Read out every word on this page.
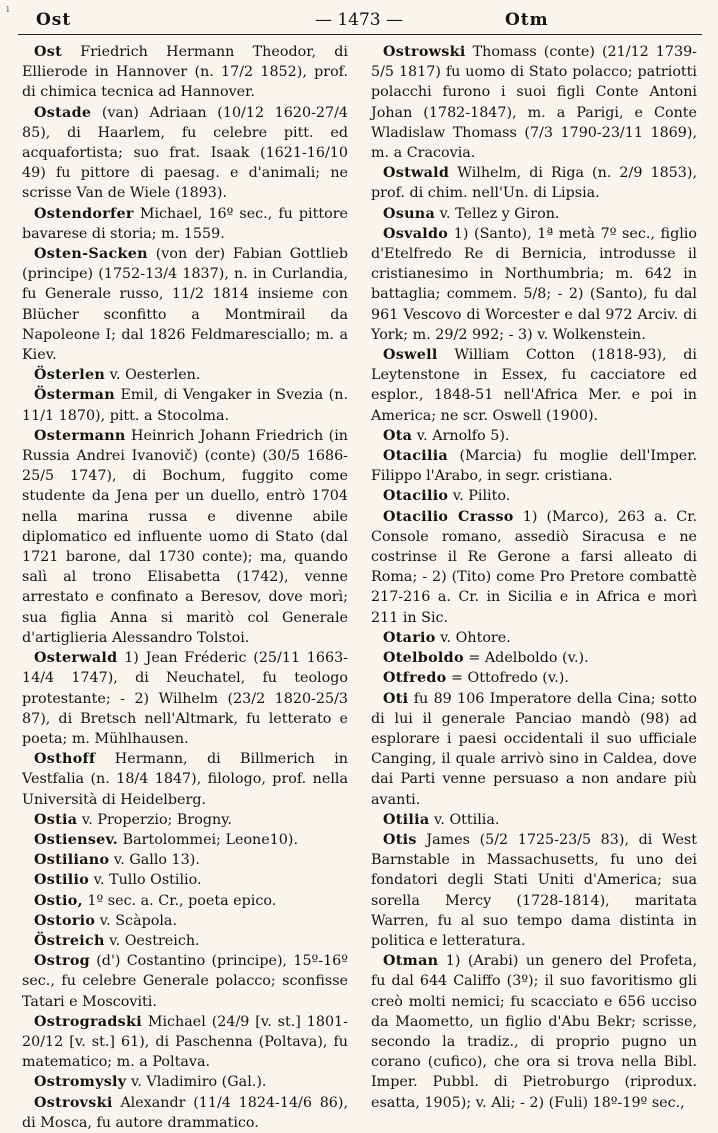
ı
Ost	— 1473 —	Otm

Ost Friedrich Hermann Theodor, di Ellierode in Hannover (n. 17/2 1852), prof. di chimica tecnica ad Hannover.

Ostade (van) Adriaan (10/12 1620-27/4 85), di Haarlem, fu celebre pitt. ed acquafortista; suo frat. Isaak (1621-16/10 49) fu pittore di paesag. e d'animali; ne scrisse Van de Wiele (1893).

Ostendorfer Michael, 16º sec., fu pittore bavarese di storia; m. 1559.

Osten-Sacken (von der) Fabian Gottlieb (principe) (1752-13/4 1837), n. in Curlandia, fu Generale russo, 11/2 1814 insieme con Blücher sconfitto a Montmirail da Napoleone I; dal 1826 Feldmaresciallo; m. a Kiev.

Österlen v. Oesterlen.

Österman Emil, di Vengaker in Svezia (n. 11/1 1870), pitt. a Stocolma.

Ostermann Heinrich Johann Friedrich (in Russia Andrei Ivanovič) (conte) (30/5 1686-25/5 1747), di Bochum, fuggito come studente da Jena per un duello, entrò 1704 nella marina russa e divenne abile diplomatico ed influente uomo di Stato (dal 1721 barone, dal 1730 conte); ma, quando salì al trono Elisabetta (1742), venne arrestato e confinato a Beresov, dove morì; sua figlia Anna si maritò col Generale d'artiglieria Alessandro Tolstoi.

Osterwald 1) Jean Fréderic (25/11 1663-14/4 1747), di Neuchatel, fu teologo protestante; - 2) Wilhelm (23/2 1820-25/3 87), di Bretsch nell'Altmark, fu letterato e poeta; m. Mühlhausen.

Osthoff Hermann, di Billmerich in Vestfalia (n. 18/4 1847), filologo, prof. nella Università di Heidelberg.

Ostia v. Properzio; Brogny.

Ostiensev. Bartolommei; Leone10).

Ostiliano v. Gallo 13).

Ostilio v. Tullo Ostilio.

Ostio, 1º sec. a. Cr., poeta epico.

Ostorio v. Scàpola.

Östreich v. Oestreich.

Ostrog (d') Costantino (principe), 15º-16º sec., fu celebre Generale polacco; sconfisse Tatari e Moscoviti.

Ostrogradski Michael (24/9 [v. st.] 1801-20/12 [v. st.] 61), di Paschenna (Poltava), fu matematico; m. a Poltava.

Ostromysly v. Vladimiro (Gal.).

Ostrovski Alexandr (11/4 1824-14/6 86), di Mosca, fu autore drammatico.

Ostrowski Thomass (conte) (21/12 1739-5/5 1817) fu uomo di Stato polacco; patriotti polacchi furono i suoi figli Conte Antoni Johan (1782-1847), m. a Parigi, e Conte Wladislaw Thomass (7/3 1790-23/11 1869), m. a Cracovia.

Ostwald Wilhelm, di Riga (n. 2/9 1853), prof. di chim. nell'Un. di Lipsia.

Osuna v. Tellez y Giron.

Osvaldo 1) (Santo), 1ª metà 7º sec., figlio d'Etelfredo Re di Bernicia, introdusse il cristianesimo in Northumbria; m. 642 in battaglia; commem. 5/8; - 2) (Santo), fu dal 961 Vescovo di Worcester e dal 972 Arciv. di York; m. 29/2 992; - 3) v. Wolkenstein.

Oswell William Cotton (1818-93), di Leytenstone in Essex, fu cacciatore ed esplor., 1848-51 nell'Africa Mer. e poi in America; ne scr. Oswell (1900).

Ota v. Arnolfo 5).

Otacilia (Marcia) fu moglie dell'Imper. Filippo l'Arabo, in segr. cristiana.

Otacilio v. Pilito.

Otacilio Crasso 1) (Marco), 263 a. Cr. Console romano, assediò Siracusa e ne costrinse il Re Gerone a farsi alleato di Roma; - 2) (Tito) come Pro Pretore combattè 217-216 a. Cr. in Sicilia e in Africa e morì 211 in Sic.

Otario v. Ohtore.

Otelboldo = Adelboldo (v.).

Otfredo = Ottofredo (v.).

Oti fu 89 106 Imperatore della Cina; sotto di lui il generale Panciao mandò (98) ad esplorare i paesi occidentali il suo ufficiale Canging, il quale arrivò sino in Caldea, dove dai Parti venne persuaso a non andare più avanti.

Otilia v. Ottilia.

Otis James (5/2 1725-23/5 83), di West Barnstable in Massachusetts, fu uno dei fondatori degli Stati Uniti d'America; sua sorella Mercy (1728-1814), maritata Warren, fu al suo tempo dama distinta in politica e letteratura.

Otman 1) (Arabi) un genero del Profeta, fu dal 644 Califfo (3º); il suo favoritismo gli creò molti nemici; fu scacciato e 656 ucciso da Maometto, un figlio d'Abu Bekr; scrisse, secondo la tradiz., di proprio pugno un corano (cufico), che ora si trova nella Bibl. Imper. Pubbl. di Pietroburgo (riprodux. esatta, 1905); v. Ali; - 2) (Fuli) 18º-19º sec.,
